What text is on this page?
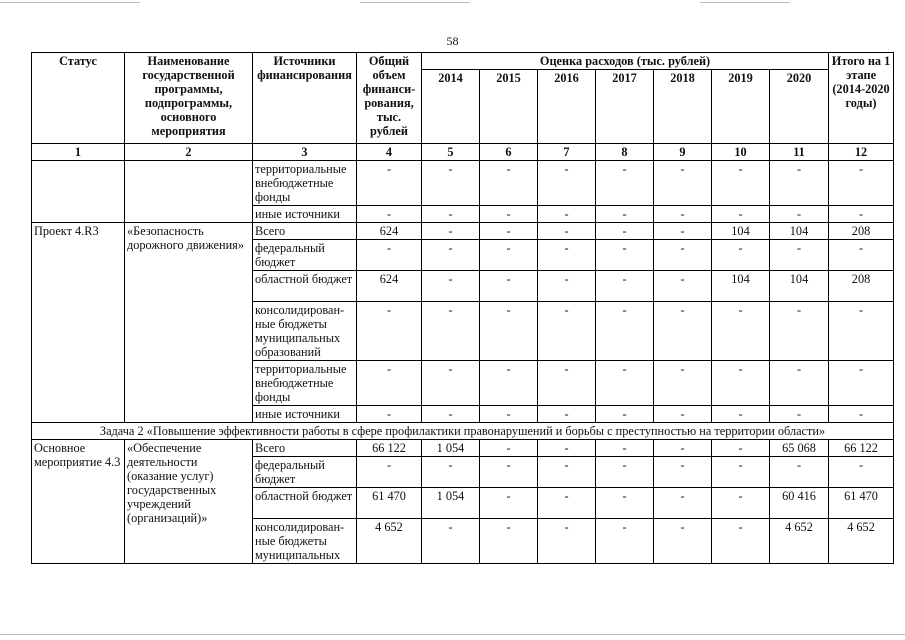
58
Статус	Наименование государственной программы, подпрограммы, основного мероприятия	Источники финансирования	Общий объем финанси-рования, тыс. рублей	Оценка расходов (тыс. рублей)							Итого на 1 этапе (2014-2020 годы)
				2014	2015	2016	2017	2018	2019	2020	
1	2	3	4	5	6	7	8	9	10	11	12
		территориальные внебюджетные фонды	-	-	-	-	-	-	-	-	-
		иные источники	-	-	-	-	-	-	-	-	-
Проект 4.R3	«Безопасность дорожного движения»	Всего	624	-	-	-	-	-	104	104	208
		федеральный бюджет	-	-	-	-	-	-	-	-	-
		областной бюджет	624	-	-	-	-	-	104	104	208
		консолидирован-ные бюджеты муниципальных образований	-	-	-	-	-	-	-	-	-
		территориальные внебюджетные фонды	-	-	-	-	-	-	-	-	-
		иные источники	-	-	-	-	-	-	-	-	-
Задача 2 «Повышение эффективности работы в сфере профилактики правонарушений и борьбы с преступностью на территории области»											
Основное мероприятие 4.3	«Обеспечение деятельности (оказание услуг) государственных учреждений (организаций)»	Всего	66 122	1 054	-	-	-	-	-	65 068	66 122
		федеральный бюджет	-	-	-	-	-	-	-	-	-
		областной бюджет	61 470	1 054	-	-	-	-	-	60 416	61 470
		консолидирован-ные бюджеты муниципальных	4 652	-	-	-	-	-	-	4 652	4 652
